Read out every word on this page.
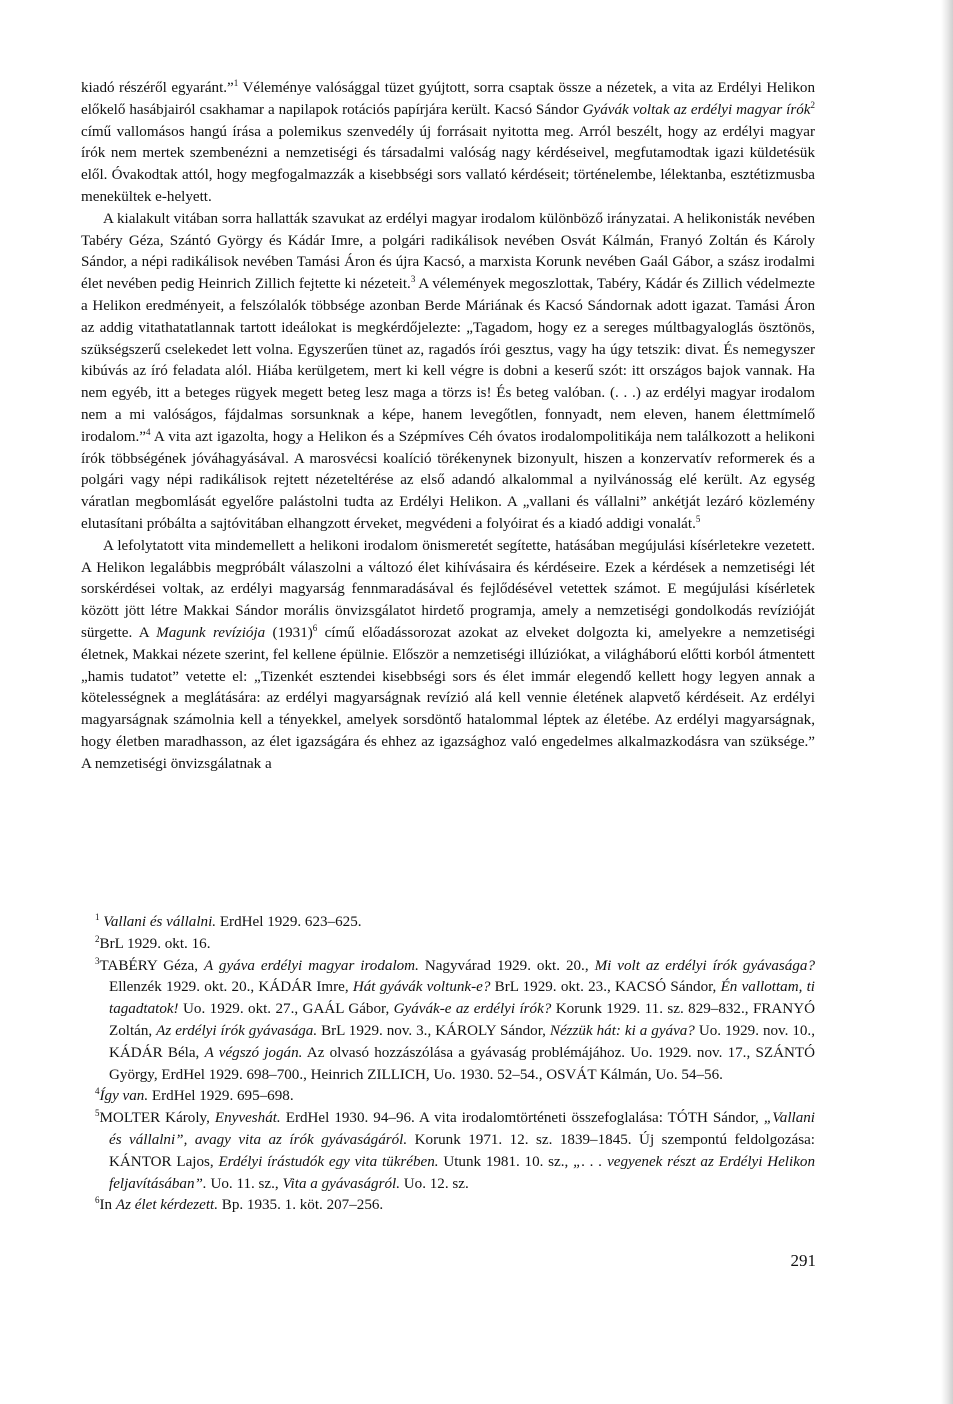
kiadó részéről egyaránt.”$^1$ Véleménye valósággal tüzet gyújtott, sorra csaptak össze a nézetek, a vita az Erdélyi Helikon előkelő hasábjairól csakhamar a napilapok rotációs papírjára került. Kacsó Sándor Gyávák voltak az erdélyi magyar írók$^2$ című vallomásos hangú írása a polemikus szenvedély új forrásait nyitotta meg. Arról beszélt, hogy az erdélyi magyar írók nem mertek szembenézni a nemzetiségi és társadalmi valóság nagy kérdéseivel, megfutamodtak igazi küldetésük elől. Óvakodtak attól, hogy megfogalmazzák a kisebbségi sors vallató kérdéseit; történelembe, lélektanba, esztétizmusba menekültek e-helyett.

A kialakult vitában sorra hallatták szavukat az erdélyi magyar irodalom különböző irányzatai. A helikonisták nevében Tabéry Géza, Szántó György és Kádár Imre, a polgári radikálisok nevében Osvát Kálmán, Franyó Zoltán és Károly Sándor, a népi radikálisok nevében Tamási Áron és újra Kacsó, a marxista Korunk nevében Gaál Gábor, a szász irodalmi élet nevében pedig Heinrich Zillich fejtette ki nézeteit.$^3$ A vélemények megoszlottak, Tabéry, Kádár és Zillich védelmezte a Helikon eredményeit, a felszólalók többsége azonban Berde Máriának és Kacsó Sándornak adott igazat. Tamási Áron az addig vitathatatlannak tartott ideálokat is megkérdőjelezte: „Tagadom, hogy ez a sereges múltbagyaloglás ösztönös, szükségszerű cselekedet lett volna. Egyszerűen tünet az, ragadós írói gesztus, vagy ha úgy tetszik: divat. És nemegyszer kibúvás az író feladata alól. Hiába kerülgetem, mert ki kell végre is dobni a keserű szót: itt országos bajok vannak. Ha nem egyéb, itt a beteges rügyek megett beteg lesz maga a törzs is! És beteg valóban. (. . .) az erdélyi magyar irodalom nem a mi valóságos, fájdalmas sorsunknak a képe, hanem levegőtlen, fonnyadt, nem eleven, hanem élettmímelő irodalom.”$^4$ A vita azt igazolta, hogy a Helikon és a Szépmíves Céh óvatos irodalompolitikája nem találkozott a helikoni írók többségének jóváhagyásával. A marosvécsi koalíció törékenynek bizonyult, hiszen a konzervatív reformerek és a polgári vagy népi radikálisok rejtett nézeteltérése az első adandó alkalommal a nyilvánosság elé került. Az egység váratlan megbomlását egyelőre palástolni tudta az Erdélyi Helikon. A „vallani és vállalni” ankétját lezáró közlemény elutasítani próbálta a sajtóvitában elhangzott érveket, megvédeni a folyóirat és a kiadó addigi vonalát.$^5$

A lefolytatott vita mindemellett a helikoni irodalom önismeretét segítette, hatásában megújulási kísérletekre vezetett. A Helikon legalábbis megpróbált válaszolni a változó élet kihívásaira és kérdéseire. Ezek a kérdések a nemzetiségi lét sorskérdései voltak, az erdélyi magyarság fennmaradásával és fejlődésével vetettek számot. E megújulási kísérletek között jött létre Makkai Sándor morális önvizsgálatot hirdető programja, amely a nemzetiségi gondolkodás revízióját sürgette. A Magunk revíziója $(1931)^6$ című előadássorozat azokat az elveket dolgozta ki, amelyekre a nemzetiségi életnek, Makkai nézete szerint, fel kellene épülnie. Először a nemzetiségi illúziókat, a világháború előtti korból átmentett „hamis tudatot” vetette el: „Tizenkét esztendei kisebbségi sors és élet immár elegendő kellett hogy legyen annak a kötelességnek a meglátására: az erdélyi magyarságnak revízió alá kell vennie életének alapvető kérdéseit. Az erdélyi magyarságnak számolnia kell a tényekkel, amelyek sorsdöntő hatalommal léptek az életébe. Az erdélyi magyarságnak, hogy életben maradhasson, az élet igazságára és ehhez az igazsághoz való engedelmes alkalmazkodásra van szüksége.” A nemzetiségi önvizsgálatnak a

$^1$ Vallani és vállalni. ErdHel 1929. 623–625.

$^2$BrL 1929. okt. 16.

$^3$TABÉRY Géza, A gyáva erdélyi magyar irodalom. Nagyvárad 1929. okt. 20., Mi volt az erdélyi írók gyávasága? Ellenzék 1929. okt. 20., KÁDÁR Imre, Hát gyávák voltunk-e? BrL 1929. okt. 23., KACSÓ Sándor, Én vallottam, ti tagadtatok! Uo. 1929. okt. 27., GAÁL Gábor, Gyávák-e az erdélyi írók? Korunk 1929. 11. sz. 829–832., FRANYÓ Zoltán, Az erdélyi írók gyávasága. BrL 1929. nov. 3., KÁROLY Sándor, Nézzük hát: ki a gyáva? Uo. 1929. nov. 10., KÁDÁR Béla, A végszó jogán. Az olvasó hozzászólása a gyávaság problémájához. Uo. 1929. nov. 17., SZÁNTÓ György, ErdHel 1929. 698–700., Heinrich ZILLICH, Uo. 1930. 52–54., OSVÁT Kálmán, Uo. 54–56.

$^4$Így van. ErdHel 1929. 695–698.

$^5$MOLTER Károly, Enyveshát. ErdHel 1930. 94–96. A vita irodalomtörténeti összefoglalása: TÓTH Sándor, „Vallani és vállalni”, avagy vita az írók gyávaságáról. Korunk 1971. 12. sz. 1839–1845. Új szempontú feldolgozása: KÁNTOR Lajos, Erdélyi írástudók egy vita tükrében. Utunk 1981. 10. sz., „. . . vegyenek részt az Erdélyi Helikon feljavításában”. Uo. 11. sz., Vita a gyávaságról. Uo. 12. sz.

$^6$In Az élet kérdezett. Bp. 1935. 1. köt. 207–256.

291
